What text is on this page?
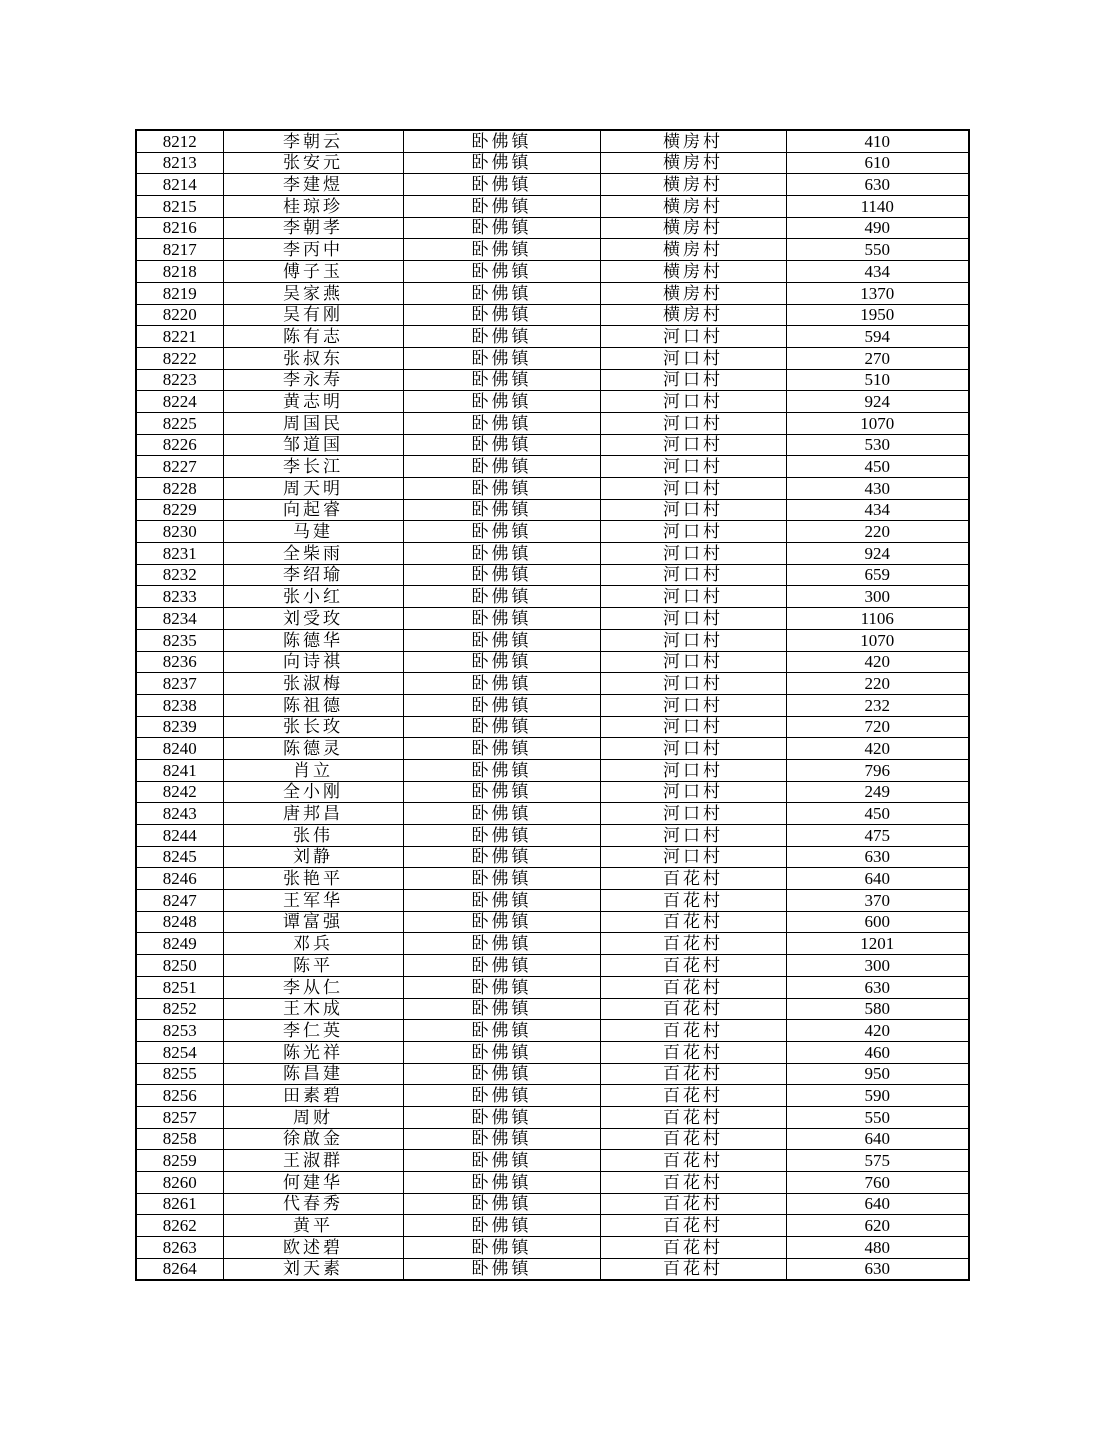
8212	李朝云	卧佛镇	横房村	410
8213	张安元	卧佛镇	横房村	610
8214	李建煜	卧佛镇	横房村	630
8215	桂琼珍	卧佛镇	横房村	1140
8216	李朝孝	卧佛镇	横房村	490
8217	李丙中	卧佛镇	横房村	550
8218	傅子玉	卧佛镇	横房村	434
8219	吴家燕	卧佛镇	横房村	1370
8220	吴有刚	卧佛镇	横房村	1950
8221	陈有志	卧佛镇	河口村	594
8222	张叔东	卧佛镇	河口村	270
8223	李永寿	卧佛镇	河口村	510
8224	黄志明	卧佛镇	河口村	924
8225	周国民	卧佛镇	河口村	1070
8226	邹道国	卧佛镇	河口村	530
8227	李长江	卧佛镇	河口村	450
8228	周天明	卧佛镇	河口村	430
8229	向起睿	卧佛镇	河口村	434
8230	马建	卧佛镇	河口村	220
8231	全柴雨	卧佛镇	河口村	924
8232	李绍瑜	卧佛镇	河口村	659
8233	张小红	卧佛镇	河口村	300
8234	刘受玫	卧佛镇	河口村	1106
8235	陈德华	卧佛镇	河口村	1070
8236	向诗祺	卧佛镇	河口村	420
8237	张淑梅	卧佛镇	河口村	220
8238	陈祖德	卧佛镇	河口村	232
8239	张长玫	卧佛镇	河口村	720
8240	陈德灵	卧佛镇	河口村	420
8241	肖立	卧佛镇	河口村	796
8242	全小刚	卧佛镇	河口村	249
8243	唐邦昌	卧佛镇	河口村	450
8244	张伟	卧佛镇	河口村	475
8245	刘静	卧佛镇	河口村	630
8246	张艳平	卧佛镇	百花村	640
8247	王军华	卧佛镇	百花村	370
8248	谭富强	卧佛镇	百花村	600
8249	邓兵	卧佛镇	百花村	1201
8250	陈平	卧佛镇	百花村	300
8251	李从仁	卧佛镇	百花村	630
8252	王木成	卧佛镇	百花村	580
8253	李仁英	卧佛镇	百花村	420
8254	陈光祥	卧佛镇	百花村	460
8255	陈昌建	卧佛镇	百花村	950
8256	田素碧	卧佛镇	百花村	590
8257	周财	卧佛镇	百花村	550
8258	徐啟金	卧佛镇	百花村	640
8259	王淑群	卧佛镇	百花村	575
8260	何建华	卧佛镇	百花村	760
8261	代春秀	卧佛镇	百花村	640
8262	黄平	卧佛镇	百花村	620
8263	欧述碧	卧佛镇	百花村	480
8264	刘天素	卧佛镇	百花村	630
